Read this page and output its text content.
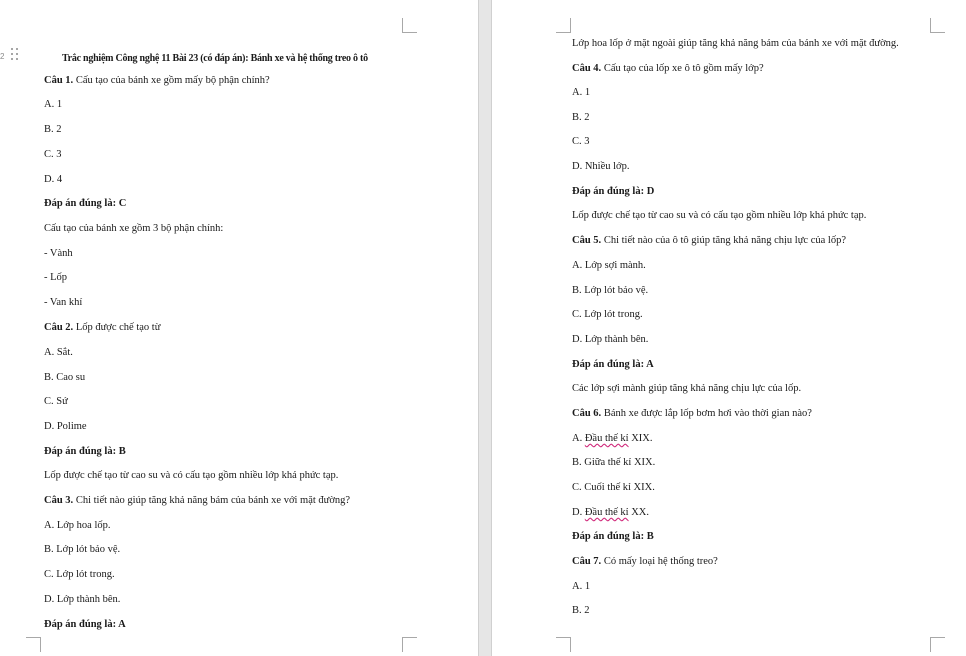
2	Trắc nghiệm Công nghệ 11 Bài 23 (có đáp án): Bánh xe và hệ thống treo ô tô
Câu 1. Cấu tạo của bánh xe gồm mấy bộ phận chính?
A. 1
B. 2
C. 3
D. 4
Đáp án đúng là: C
Cấu tạo của bánh xe gồm 3 bộ phận chính:
- Vành
- Lốp
- Van khí
Câu 2. Lốp được chế tạo từ
A. Sắt.
B. Cao su
C. Sứ
D. Polime
Đáp án đúng là: B
Lốp được chế tạo từ cao su và có cấu tạo gồm nhiều lớp khá phức tạp.
Câu 3. Chi tiết nào giúp tăng khả năng bám của bánh xe với mặt đường?
A. Lớp hoa lốp.
B. Lớp lót bảo vệ.
C. Lớp lót trong.
D. Lớp thành bên.
Đáp án đúng là: A
Lớp hoa lốp ở mặt ngoài giúp tăng khả năng bám của bánh xe với mặt đường.
Câu 4. Cấu tạo của lốp xe ô tô gồm mấy lớp?
A. 1
B. 2
C. 3
D. Nhiều lớp.
Đáp án đúng là: D
Lốp được chế tạo từ cao su và có cấu tạo gồm nhiều lớp khá phức tạp.
Câu 5. Chi tiết nào của ô tô giúp tăng khả năng chịu lực của lốp?
A. Lớp sợi mành.
B. Lớp lót bảo vệ.
C. Lớp lót trong.
D. Lớp thành bên.
Đáp án đúng là: A
Các lớp sợi mành giúp tăng khả năng chịu lực của lốp.
Câu 6. Bánh xe được lắp lốp bơm hơi vào thời gian nào?
A. Đầu thế kỉ XIX.
B. Giữa thế kỉ XIX.
C. Cuối thế kỉ XIX.
D. Đầu thế kỉ XX.
Đáp án đúng là: B
Câu 7. Có mấy loại hệ thống treo?
A. 1
B. 2
